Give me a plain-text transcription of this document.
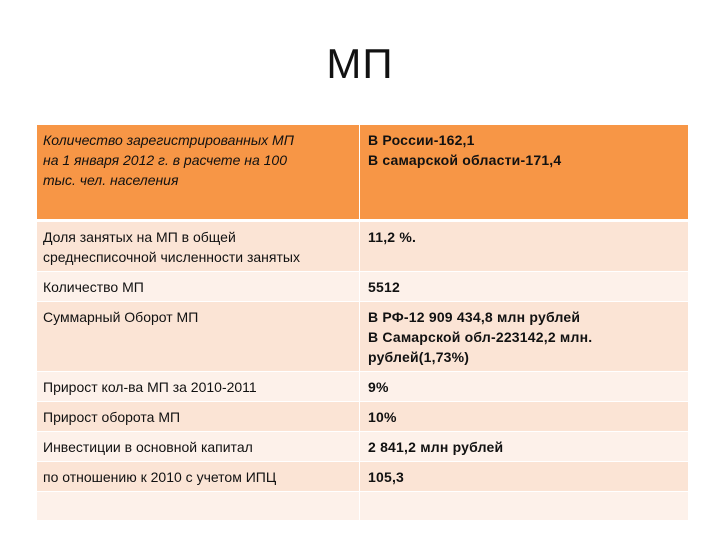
МП
Количество зарегистрированных МП
на 1 января 2012 г. в расчете на 100
тыс. чел. населения	В России-162,1
В самарской области-171,4

Доля занятых на МП в общей
среднесписочной численности занятых	11,2 %.

Количество МП	5512

Суммарный Оборот МП	В РФ-12 909 434,8 млн рублей
В Самарской обл-223142,2 млн.
рублей(1,73%)

Прирост кол-ва МП за 2010-2011	9%

Прирост оборота МП	10%

Инвестиции в основной капитал	2 841,2 млн рублей

по отношению к 2010 с учетом ИПЦ	105,3
